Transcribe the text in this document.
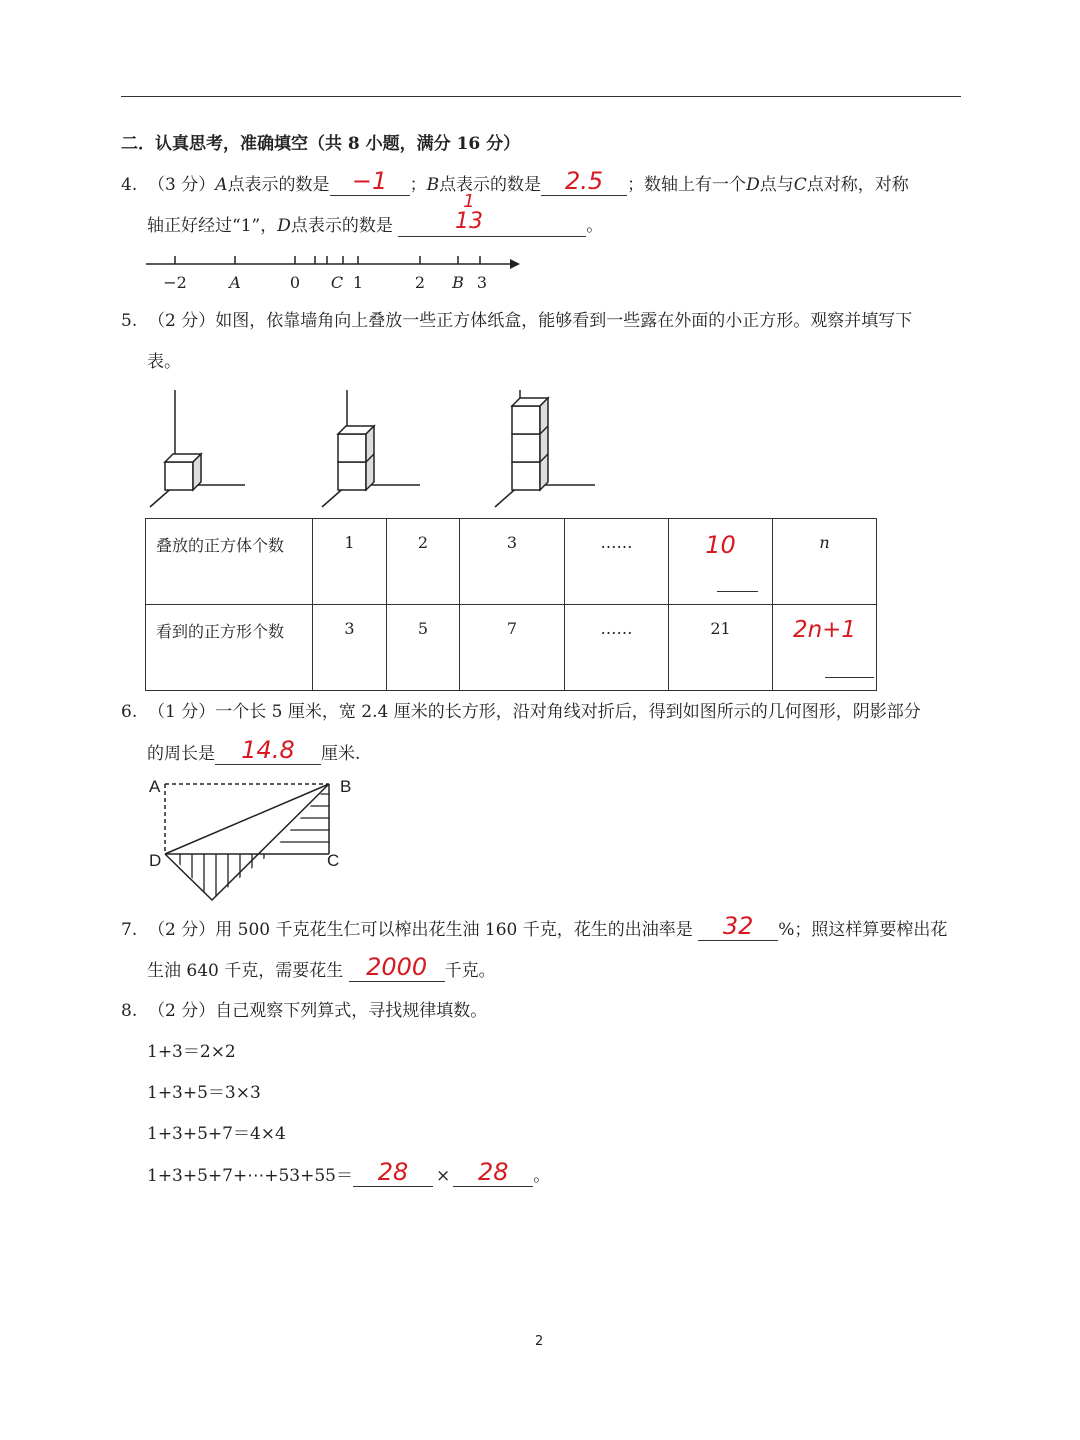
二．认真思考，准确填空（共 8 小题，满分 16 分）
4. （3 分）A点表示的数是 −1	；B点表示的数是 2.5	；数轴上有一个D点与C点对称，对称
轴正好经过“1”，D点表示的数是	。
1
13
−2	A	0 C 1	2 B 3
5. （2 分）如图，依靠墙角向上叠放一些正方体纸盒，能够看到一些露在外面的小正方形。观察并填写下
表。
叠放的正方体个数	1	2	3	……	10	n

看到的正方形个数	3	5	7	……	21	2n+1
6. （1 分）一个长 5 厘米，宽 2.4 厘米的长方形，沿对角线对折后，得到如图所示的几何图形，阴影部分
的周长是	14.8	厘米.
A	B
C
D
7. （2 分）用 500 千克花生仁可以榨出花生油 160 千克，花生的出油率是	32	%；照这样算要榨出花
生油 640 千克，需要花生 2000	千克。
8. （2 分）自己观察下列算式，寻找规律填数。
1+3＝2×2
1+3+5＝3×3
1+3+5+7＝4×4
1+3+5+7+⋯+53+55＝	28	×	28	。
2
